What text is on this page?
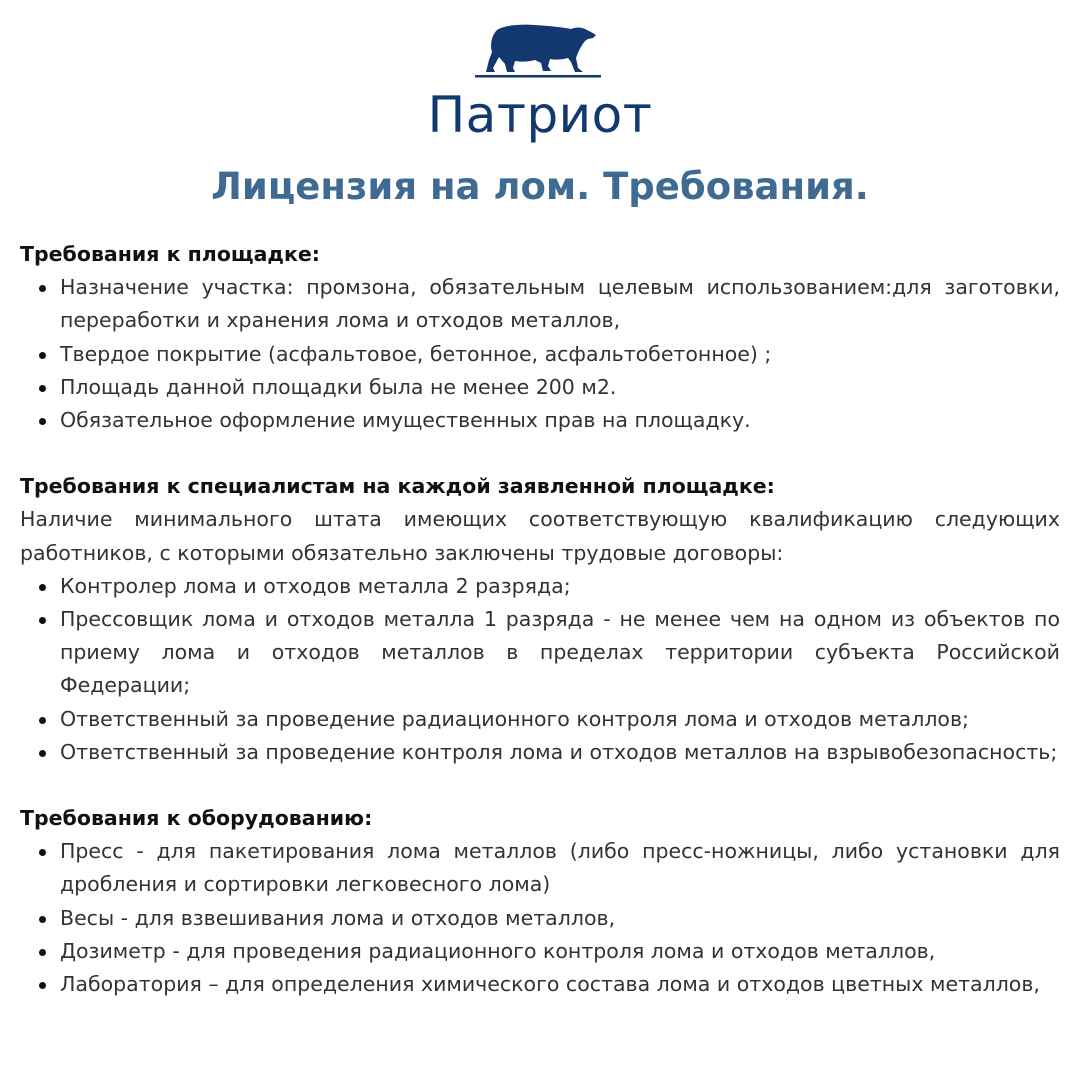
Патриот
Лицензия на лом. Требования.

Требования к площадке:

Назначение участка: промзона, обязательным целевым использованием:для заготовки, переработки и хранения лома и отходов металлов,
Твердое покрытие (асфальтовое, бетонное, асфальтобетонное) ;
Площадь данной площадки была не менее 200 м2.
Обязательное оформление имущественных прав на площадку.

Требования к специалистам на каждой заявленной площадке:

Наличие минимального штата имеющих соответствующую квалификацию следующих работников, с которыми обязательно заключены трудовые договоры:

Контролер лома и отходов металла 2 разряда;
Прессовщик лома и отходов металла 1 разряда - не менее чем на одном из объектов по приему лома и отходов металлов в пределах территории субъекта Российской Федерации;
Ответственный за проведение радиационного контроля лома и отходов металлов;
Ответственный за проведение контроля лома и отходов металлов на взрывобезопасность;

Требования к оборудованию:

Пресс - для пакетирования лома металлов (либо пресс-ножницы, либо установки для дробления и сортировки легковесного лома)
Весы - для взвешивания лома и отходов металлов,
Дозиметр - для проведения радиационного контроля лома и отходов металлов,
Лаборатория – для определения химического состава лома и отходов цветных металлов,
